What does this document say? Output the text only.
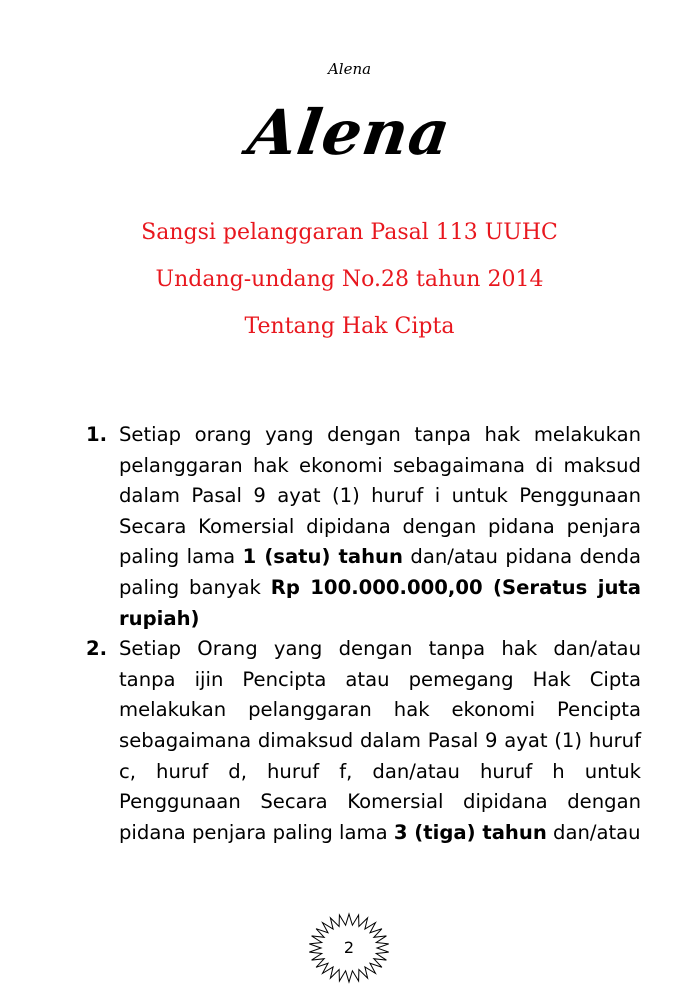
Alena
Alena
Sangsi pelanggaran Pasal 113 UUHC
Undang-undang No.28 tahun 2014
Tentang Hak Cipta
1. Setiap orang yang dengan tanpa hak melakukan pelanggaran hak ekonomi sebagaimana di maksud dalam Pasal 9 ayat (1) huruf i untuk Penggunaan Secara Komersial dipidana dengan pidana penjara paling lama 1 (satu) tahun dan/atau pidana denda paling banyak Rp 100.000.000,00 (Seratus juta rupiah)
2. Setiap Orang yang dengan tanpa hak dan/atau tanpa ijin Pencipta atau pemegang Hak Cipta melakukan pelanggaran hak ekonomi Pencipta sebagaimana dimaksud dalam Pasal 9 ayat (1) huruf c, huruf d, huruf f, dan/atau huruf h untuk Penggunaan Secara Komersial dipidana dengan pidana penjara paling lama 3 (tiga) tahun dan/atau
2
